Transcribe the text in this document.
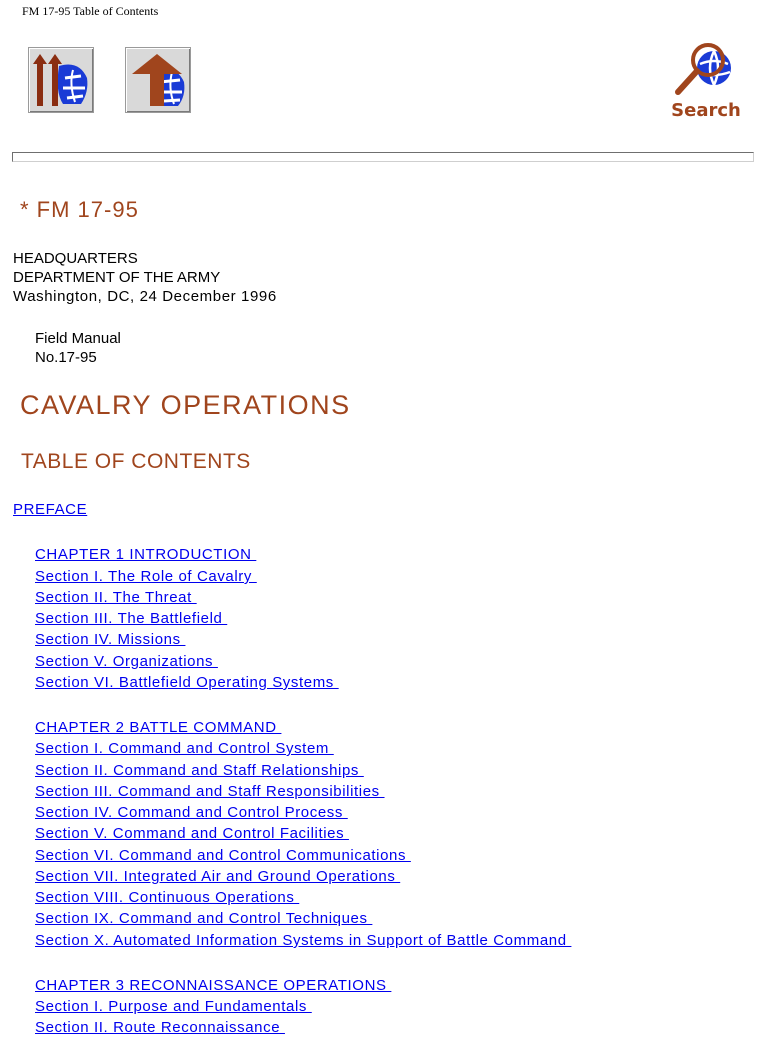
FM 17-95 Table of Contents
Search
* FM 17-95
HEADQUARTERS
DEPARTMENT OF THE ARMY
Washington, DC, 24 December 1996
Field Manual
No.17-95
CAVALRY OPERATIONS
TABLE OF CONTENTS
PREFACE
CHAPTER 1 INTRODUCTION
Section I. The Role of Cavalry
Section II. The Threat
Section III. The Battlefield
Section IV. Missions
Section V. Organizations
Section VI. Battlefield Operating Systems
CHAPTER 2 BATTLE COMMAND
Section I. Command and Control System
Section II. Command and Staff Relationships
Section III. Command and Staff Responsibilities
Section IV. Command and Control Process
Section V. Command and Control Facilities
Section VI. Command and Control Communications
Section VII. Integrated Air and Ground Operations
Section VIII. Continuous Operations
Section IX. Command and Control Techniques
Section X. Automated Information Systems in Support of Battle Command
CHAPTER 3 RECONNAISSANCE OPERATIONS
Section I. Purpose and Fundamentals
Section II. Route Reconnaissance
